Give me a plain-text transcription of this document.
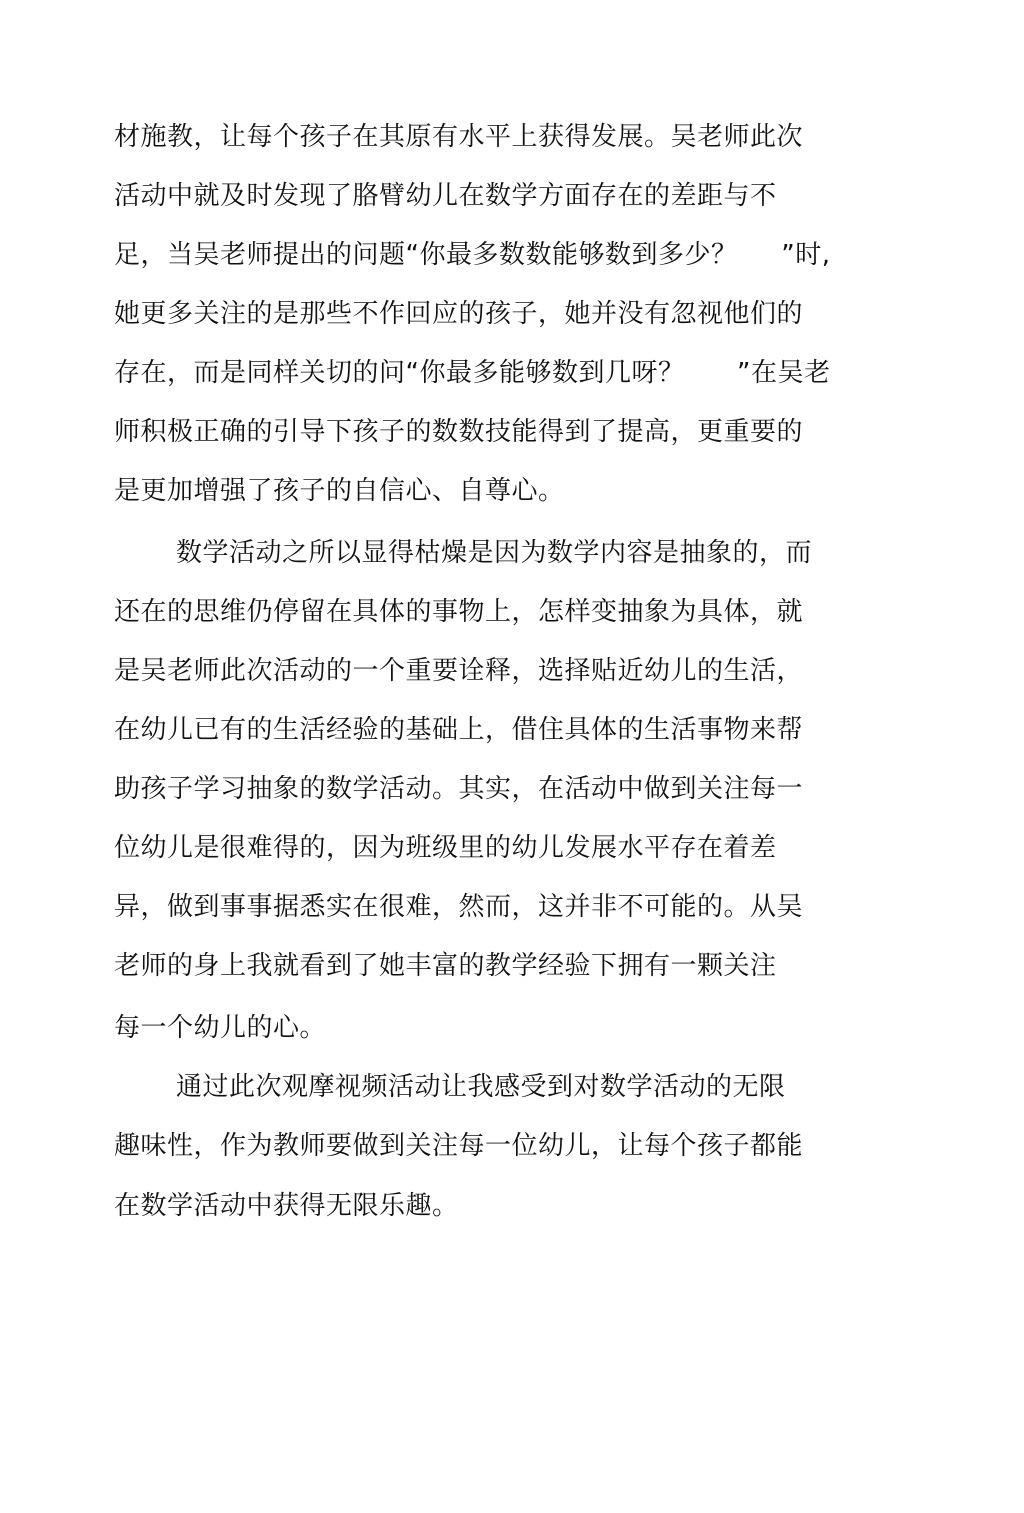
材施教，让每个孩子在其原有水平上获得发展。吴老师此次
活动中就及时发现了胳臂幼儿在数学方面存在的差距与不
足，当吴老师提出的问题“你最多数数能够数到多少？     ”时,
她更多关注的是那些不作回应的孩子，她并没有忽视他们的
存在，而是同样关切的问“你最多能够数到几呀？      ”在吴老
师积极正确的引导下孩子的数数技能得到了提高，更重要的
是更加增强了孩子的自信心、自尊心。
数学活动之所以显得枯燥是因为数学内容是抽象的，而
还在的思维仍停留在具体的事物上，怎样变抽象为具体，就
是吴老师此次活动的一个重要诠释，选择贴近幼儿的生活，
在幼儿已有的生活经验的基础上，借住具体的生活事物来帮
助孩子学习抽象的数学活动。其实，在活动中做到关注每一
位幼儿是很难得的，因为班级里的幼儿发展水平存在着差
异，做到事事据悉实在很难，然而，这并非不可能的。从吴
老师的身上我就看到了她丰富的教学经验下拥有一颗关注
每一个幼儿的心。
通过此次观摩视频活动让我感受到对数学活动的无限
趣味性，作为教师要做到关注每一位幼儿，让每个孩子都能
在数学活动中获得无限乐趣。
